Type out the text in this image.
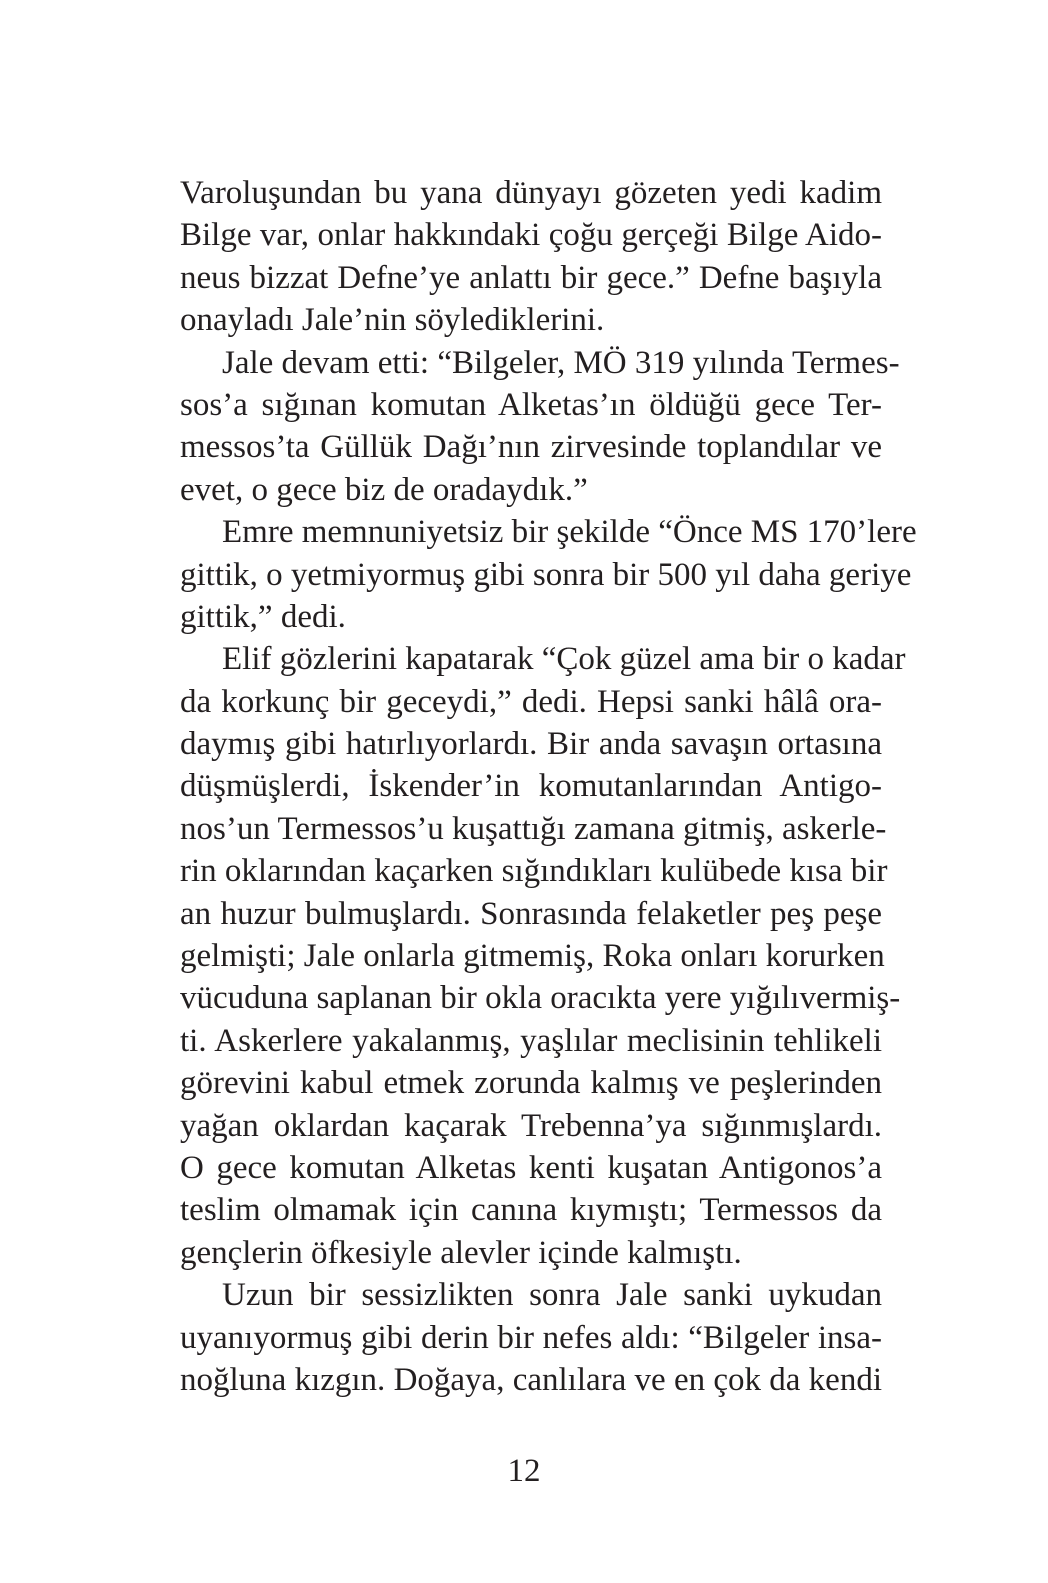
Varoluşundan bu yana dünyayı gözeten yedi kadim
Bilge var, onlar hakkındaki çoğu gerçeği Bilge Aido-
neus bizzat Defne’ye anlattı bir gece.” Defne başıyla
onayladı Jale’nin söylediklerini.
Jale devam etti: “Bilgeler, MÖ 319 yılında Termes-
sos’a sığınan komutan Alketas’ın öldüğü gece Ter-
messos’ta Güllük Dağı’nın zirvesinde toplandılar ve
evet, o gece biz de oradaydık.”
Emre memnuniyetsiz bir şekilde “Önce MS 170’lere
gittik, o yetmiyormuş gibi sonra bir 500 yıl daha geriye
gittik,” dedi.
Elif gözlerini kapatarak “Çok güzel ama bir o kadar
da korkunç bir geceydi,” dedi. Hepsi sanki hâlâ ora-
daymış gibi hatırlıyorlardı. Bir anda savaşın ortasına
düşmüşlerdi, İskender’in komutanlarından Antigo-
nos’un Termessos’u kuşattığı zamana gitmiş, askerle-
rin oklarından kaçarken sığındıkları kulübede kısa bir
an huzur bulmuşlardı. Sonrasında felaketler peş peşe
gelmişti; Jale onlarla gitmemiş, Roka onları korurken
vücuduna saplanan bir okla oracıkta yere yığılıvermiş-
ti. Askerlere yakalanmış, yaşlılar meclisinin tehlikeli
görevini kabul etmek zorunda kalmış ve peşlerinden
yağan oklardan kaçarak Trebenna’ya sığınmışlardı.
O gece komutan Alketas kenti kuşatan Antigonos’a
teslim olmamak için canına kıymıştı; Termessos da
gençlerin öfkesiyle alevler içinde kalmıştı.
Uzun bir sessizlikten sonra Jale sanki uykudan
uyanıyormuş gibi derin bir nefes aldı: “Bilgeler insa-
noğluna kızgın. Doğaya, canlılara ve en çok da kendi
12
